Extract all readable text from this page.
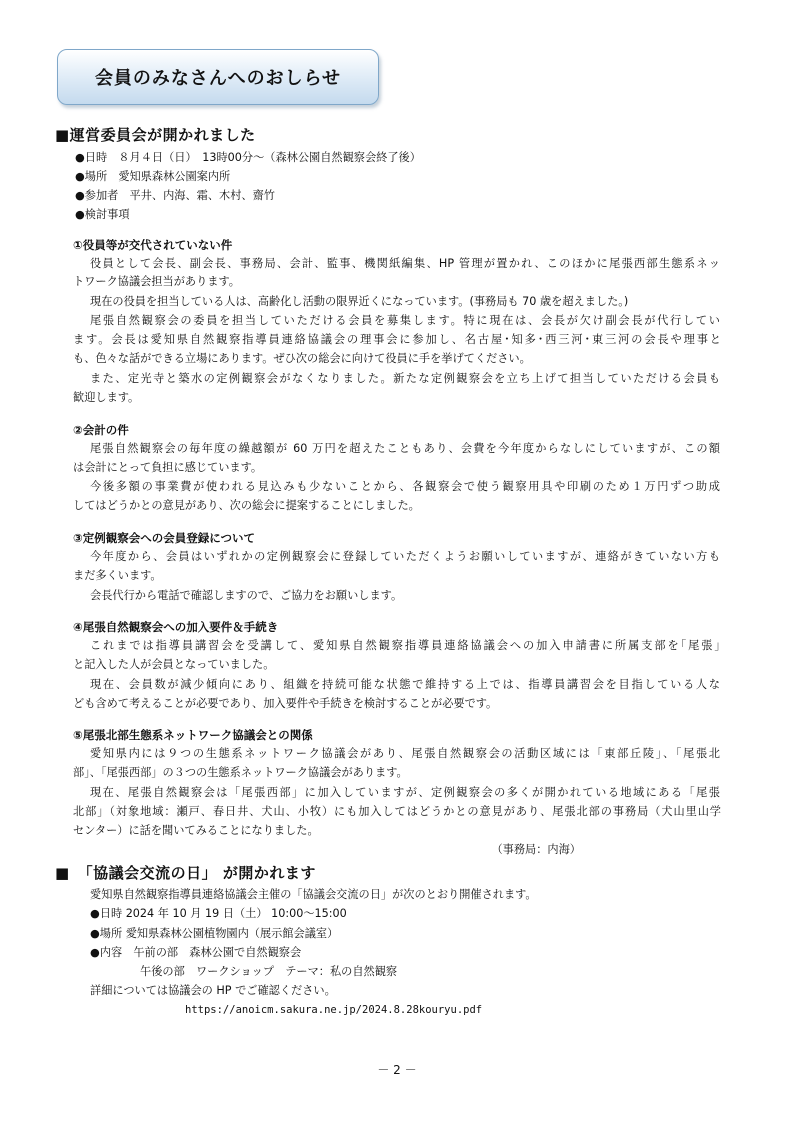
会員のみなさんへのおしらせ
■運営委員会が開かれました
●日時　８月４日（日）　13時00分～（森林公園自然観察会終了後）
●場所　愛知県森林公園案内所
●参加者　平井、内海、霜、木村、齋竹
●検討事項
①役員等が交代されていない件
役員として会長、副会長、事務局、会計、監事、機関紙編集、HP 管理が置かれ、このほかに尾張西部生態系ネッ
トワーク協議会担当があります。
現在の役員を担当している人は、高齢化し活動の限界近くになっています。(事務局も 70 歳を超えました。)
尾張自然観察会の委員を担当していただける会員を募集します。特に現在は、会長が欠け副会長が代行してい
ます。会長は愛知県自然観察指導員連絡協議会の理事会に参加し、名古屋･知多･西三河･東三河の会長や理事と
も、色々な話ができる立場にあります。ぜひ次の総会に向けて役員に手を挙げてください。
また、定光寺と築水の定例観察会がなくなりました。新たな定例観察会を立ち上げて担当していただける会員も
歓迎します。
②会計の件
尾張自然観察会の毎年度の繰越額が 60 万円を超えたこともあり、会費を今年度からなしにしていますが、この額
は会計にとって負担に感じています。
今後多額の事業費が使われる見込みも少ないことから、各観察会で使う観察用具や印刷のため１万円ずつ助成
してはどうかとの意見があり、次の総会に提案することにしました。
③定例観察会への会員登録について
今年度から、会員はいずれかの定例観察会に登録していただくようお願いしていますが、連絡がきていない方も
まだ多くいます。
会長代行から電話で確認しますので、ご協力をお願いします。
④尾張自然観察会への加入要件＆手続き
これまでは指導員講習会を受講して、愛知県自然観察指導員連絡協議会への加入申請書に所属支部を｢尾張｣
と記入した人が会員となっていました。
現在、会員数が減少傾向にあり、組織を持続可能な状態で維持する上では、指導員講習会を目指している人な
ども含めて考えることが必要であり、加入要件や手続きを検討することが必要です。
⑤尾張北部生態系ネットワーク協議会との関係
愛知県内には９つの生態系ネットワーク協議会があり、尾張自然観察会の活動区域には「東部丘陵」、「尾張北
部」、「尾張西部」の３つの生態系ネットワーク協議会があります。
現在、尾張自然観察会は「尾張西部」に加入していますが、定例観察会の多くが開かれている地域にある「尾張
北部」（対象地域：瀬戸、春日井、犬山、小牧）にも加入してはどうかとの意見があり、尾張北部の事務局（犬山里山学
センター）に話を聞いてみることになりました。
（事務局：内海）
■　「協議会交流の日」 が開かれます
愛知県自然観察指導員連絡協議会主催の「協議会交流の日」が次のとおり開催されます。
●日時 2024 年 10 月 19 日（土） 10:00～15:00
●場所 愛知県森林公園植物園内（展示館会議室）
●内容　午前の部　森林公園で自然観察会
午後の部　ワークショップ　テーマ：私の自然観察
詳細については協議会の HP でご確認ください。
https://anoicm.sakura.ne.jp/2024.8.28kouryu.pdf
－ 2 －
